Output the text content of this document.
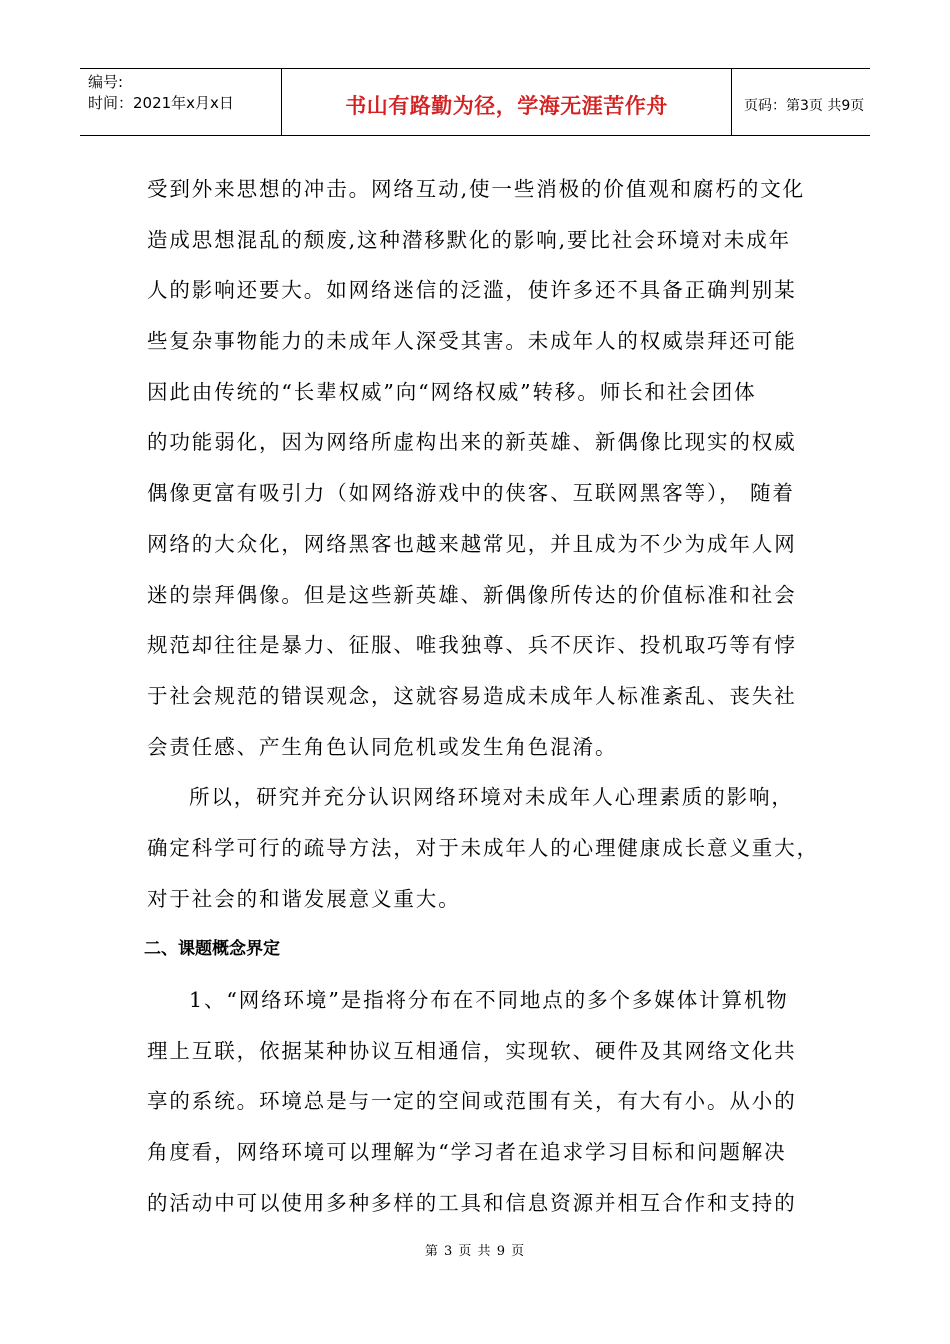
编号:
时间：2021年x月x日	书山有路勤为径，学海无涯苦作舟	页码：第3页 共9页
受到外来思想的冲击。网络互动,使一些消极的价值观和腐朽的文化
造成思想混乱的颓废,这种潜移默化的影响,要比社会环境对未成年
人的影响还要大。如网络迷信的泛滥，使许多还不具备正确判别某
些复杂事物能力的未成年人深受其害。未成年人的权威崇拜还可能
因此由传统的“长辈权威”向“网络权威”转移。师长和社会团体
的功能弱化，因为网络所虚构出来的新英雄、新偶像比现实的权威
偶像更富有吸引力（如网络游戏中的侠客、互联网黑客等）， 随着
网络的大众化，网络黑客也越来越常见，并且成为不少为成年人网
迷的崇拜偶像。但是这些新英雄、新偶像所传达的价值标准和社会
规范却往往是暴力、征服、唯我独尊、兵不厌诈、投机取巧等有悖
于社会规范的错误观念，这就容易造成未成年人标准紊乱、丧失社
会责任感、产生角色认同危机或发生角色混淆。
所以，研究并充分认识网络环境对未成年人心理素质的影响，
确定科学可行的疏导方法，对于未成年人的心理健康成长意义重大，
对于社会的和谐发展意义重大。
二、课题概念界定
1、“网络环境”是指将分布在不同地点的多个多媒体计算机物
理上互联，依据某种协议互相通信，实现软、硬件及其网络文化共
享的系统。环境总是与一定的空间或范围有关，有大有小。从小的
角度看，网络环境可以理解为“学习者在追求学习目标和问题解决
的活动中可以使用多种多样的工具和信息资源并相互合作和支持的
第 3 页 共 9 页
